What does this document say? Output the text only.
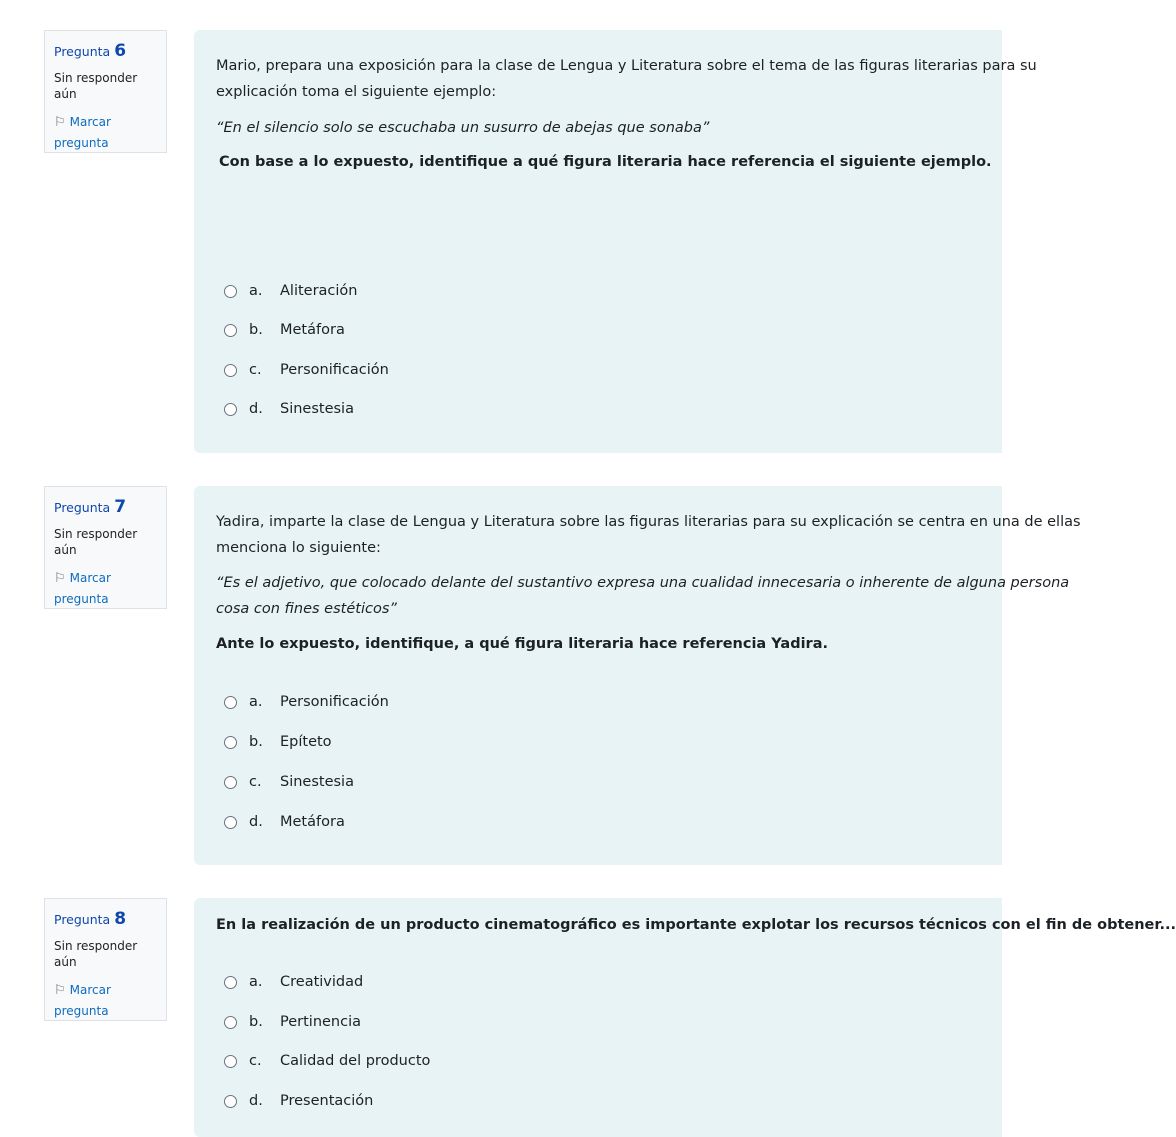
Pregunta 6
Sin responder aún
⚐ Marcar
pregunta
Mario, prepara una exposición para la clase de Lengua y Literatura sobre el tema de las figuras literarias para su
explicación toma el siguiente ejemplo:
“En el silencio solo se escuchaba un susurro de abejas que sonaba”
Con base a lo expuesto, identifique a qué figura literaria hace referencia el siguiente ejemplo.
a.	Aliteración
b.	Metáfora
c.	Personificación
d.	Sinestesia
Pregunta 7
Sin responder aún
⚐ Marcar
pregunta
Yadira, imparte la clase de Lengua y Literatura sobre las figuras literarias para su explicación se centra en una de ellas
menciona lo siguiente:
“Es el adjetivo, que colocado delante del sustantivo expresa una cualidad innecesaria o inherente de alguna persona
cosa con fines estéticos”
Ante lo expuesto, identifique, a qué figura literaria hace referencia Yadira.
a.	Personificación
b.	Epíteto
c.	Sinestesia
d.	Metáfora
Pregunta 8
Sin responder aún
⚐ Marcar
pregunta
En la realización de un producto cinematográfico es importante explotar los recursos técnicos con el fin de obtener...
a.	Creatividad
b.	Pertinencia
c.	Calidad del producto
d.	Presentación
